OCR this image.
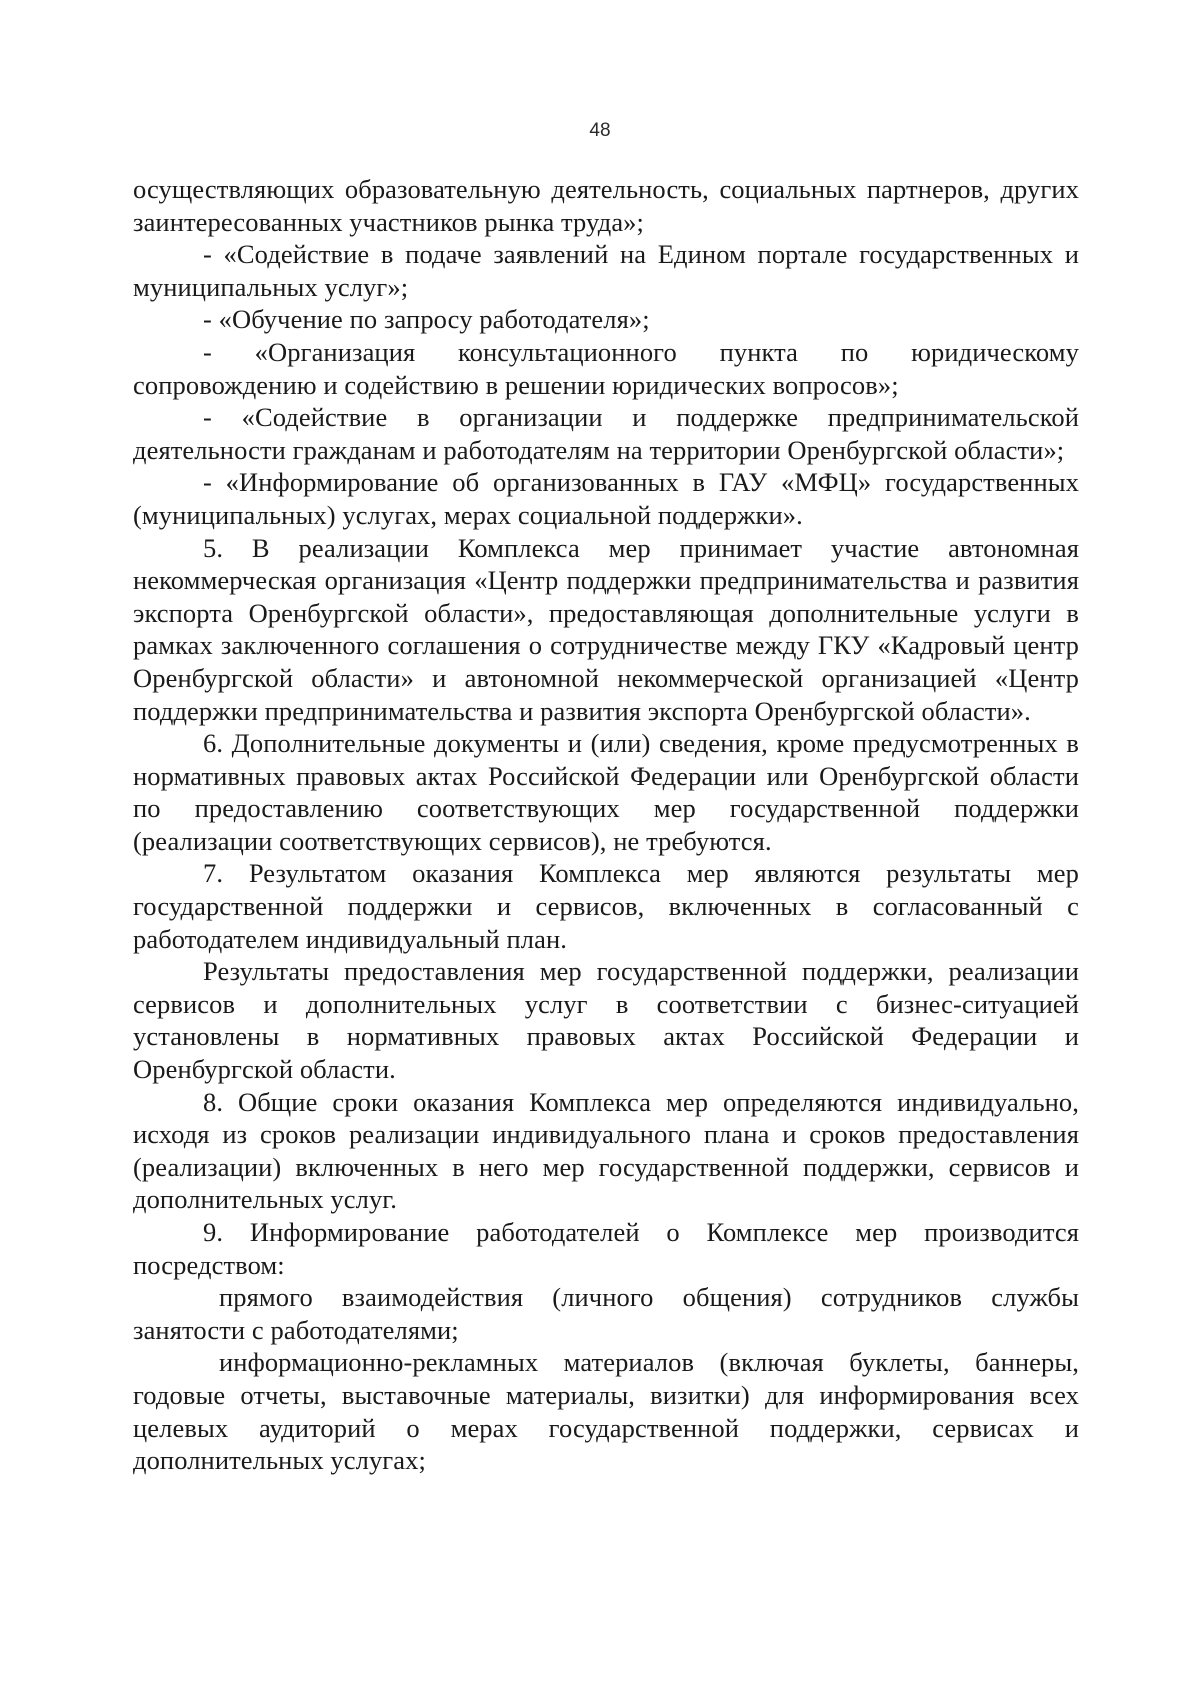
48

осуществляющих образовательную деятельность, социальных партнеров, других заинтересованных участников рынка труда»;

- «Содействие в подаче заявлений на Едином портале государственных и муниципальных услуг»;

- «Обучение по запросу работодателя»;

- «Организация консультационного пункта по юридическому сопровождению и содействию в решении юридических вопросов»;

- «Содействие в организации и поддержке предпринимательской деятельности гражданам и работодателям на территории Оренбургской области»;

- «Информирование об организованных в ГАУ «МФЦ» государственных (муниципальных) услугах, мерах социальной поддержки».

5. В реализации Комплекса мер принимает участие автономная некоммерческая организация «Центр поддержки предпринимательства и развития экспорта Оренбургской области», предоставляющая дополнительные услуги в рамках заключенного соглашения о сотрудничестве между ГКУ «Кадровый центр Оренбургской области» и автономной некоммерческой организацией «Центр поддержки предпринимательства и развития экспорта Оренбургской области».

6. Дополнительные документы и (или) сведения, кроме предусмотренных в нормативных правовых актах Российской Федерации или Оренбургской области по предоставлению соответствующих мер государственной поддержки (реализации соответствующих сервисов), не требуются.

7. Результатом оказания Комплекса мер являются результаты мер государственной поддержки и сервисов, включенных в согласованный с работодателем индивидуальный план.

Результаты предоставления мер государственной поддержки, реализации сервисов и дополнительных услуг в соответствии с бизнес-ситуацией установлены в нормативных правовых актах Российской Федерации и Оренбургской области.

8. Общие сроки оказания Комплекса мер определяются индивидуально, исходя из сроков реализации индивидуального плана и сроков предоставления (реализации) включенных в него мер государственной поддержки, сервисов и дополнительных услуг.

9. Информирование работодателей о Комплексе мер производится посредством:

прямого взаимодействия (личного общения) сотрудников службы занятости с работодателями;

информационно-рекламных материалов (включая буклеты, баннеры, годовые отчеты, выставочные материалы, визитки) для информирования всех целевых аудиторий о мерах государственной поддержки, сервисах и дополнительных услугах;
